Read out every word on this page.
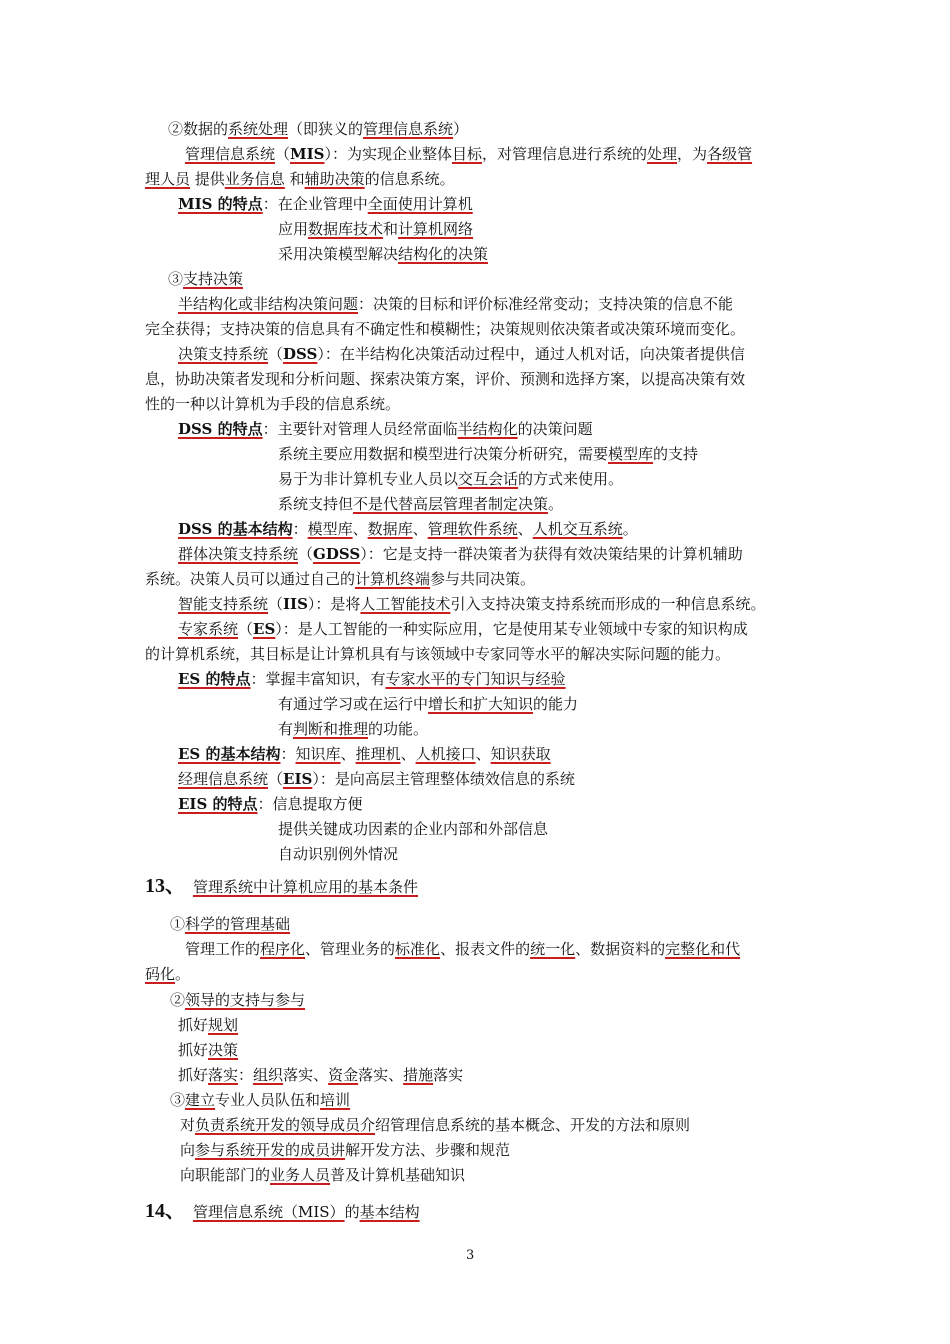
②数据的系统处理（即狭义的管理信息系统）
管理信息系统（MIS）：为实现企业整体目标，对管理信息进行系统的处理，为各级管
理人员 提供业务信息 和辅助决策的信息系统。
MIS 的特点：在企业管理中全面使用计算机
应用数据库技术和计算机网络
采用决策模型解决结构化的决策
③支持决策
半结构化或非结构决策问题：决策的目标和评价标准经常变动；支持决策的信息不能
完全获得；支持决策的信息具有不确定性和模糊性；决策规则依决策者或决策环境而变化。
决策支持系统（DSS）：在半结构化决策活动过程中，通过人机对话，向决策者提供信
息，协助决策者发现和分析问题、探索决策方案，评价、预测和选择方案，以提高决策有效
性的一种以计算机为手段的信息系统。
DSS 的特点：主要针对管理人员经常面临半结构化的决策问题
系统主要应用数据和模型进行决策分析研究，需要模型库的支持
易于为非计算机专业人员以交互会话的方式来使用。
系统支持但不是代替高层管理者制定决策。
DSS 的基本结构：模型库、数据库、管理软件系统、人机交互系统。
群体决策支持系统（GDSS）：它是支持一群决策者为获得有效决策结果的计算机辅助
系统。决策人员可以通过自己的计算机终端参与共同决策。
智能支持系统（IIS）：是将人工智能技术引入支持决策支持系统而形成的一种信息系统。
专家系统（ES）：是人工智能的一种实际应用，它是使用某专业领域中专家的知识构成
的计算机系统，其目标是让计算机具有与该领域中专家同等水平的解决实际问题的能力。
ES 的特点：掌握丰富知识，有专家水平的专门知识与经验
有通过学习或在运行中增长和扩大知识的能力
有判断和推理的功能。
ES 的基本结构：知识库、推理机、人机接口、知识获取
经理信息系统（EIS）：是向高层主管理整体绩效信息的系统
EIS 的特点：信息提取方便
提供关键成功因素的企业内部和外部信息
自动识别例外情况
①科学的管理基础
管理工作的程序化、管理业务的标准化、报表文件的统一化、数据资料的完整化和代
码化。
②领导的支持与参与
抓好规划
抓好决策
抓好落实：组织落实、资金落实、措施落实
③建立专业人员队伍和培训
对负责系统开发的领导成员介绍管理信息系统的基本概念、开发的方法和原则
向参与系统开发的成员讲解开发方法、步骤和规范
向职能部门的业务人员普及计算机基础知识
13、 管理系统中计算机应用的基本条件
14、 管理信息系统（MIS）的基本结构
3
